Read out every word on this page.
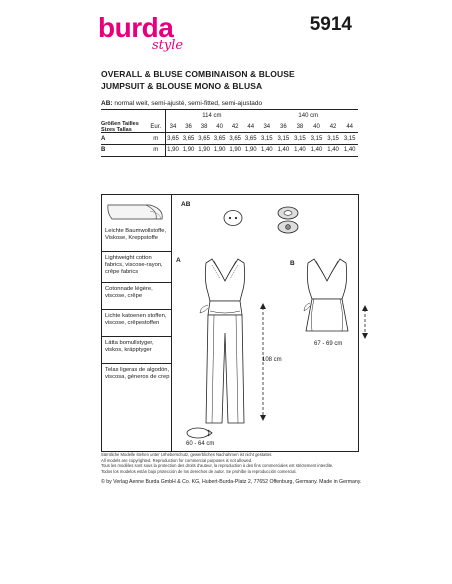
burda
style
5914
OVERALL & BLUSE COMBINAISON & BLOUSE
JUMPSUIT & BLOUSE MONO & BLUSA
AB: normal weit, semi-ajusté, semi-fitted, semi-ajustado
		114 cm						140 cm					
Größen Tailles
Sizes Tallas	Eur.	34	36	38	40	42	44	34	36	38	40	42	44
A	m	3,65	3,65	3,65	3,65	3,65	3,65	3,15	3,15	3,15	3,15	3,15	3,15
B	m	1,90	1,90	1,90	1,90	1,90	1,90	1,40	1,40	1,40	1,40	1,40	1,40
Leichte Baumwollstoffe, Viskose, Kreppstoffe
Lightweight cotton fabrics, viscose-rayon, crêpe fabrics
Cotonnade légère, viscose, crêpe
Lichte katoenen stoffen, viscose, crêpestoffen
Lätta bomullstyger, viskos, kräpptyger
Telas ligeras de algodón, viscosa, géneros de crep
AB
A	B
108 cm
60 - 64 cm
67 - 69 cm
Sämtliche Modelle stehen unter Urheberschutz, gewerbliches Nachahmen ist nicht gestattet.
All models are copyrighted. Reproduction for commercial purposes is not allowed.
Tous les modèles sont sous la protection des droits d'auteur, la reproduction à des fins commerciales est strictement interdite.
Todos los modelos están bajo protección de los derechos de autor. Se prohíbe la reproducción comercial.
© by Verlag Aenne Burda GmbH & Co. KG, Hubert-Burda-Platz 2, 77652 Offenburg, Germany. Made in Germany.
